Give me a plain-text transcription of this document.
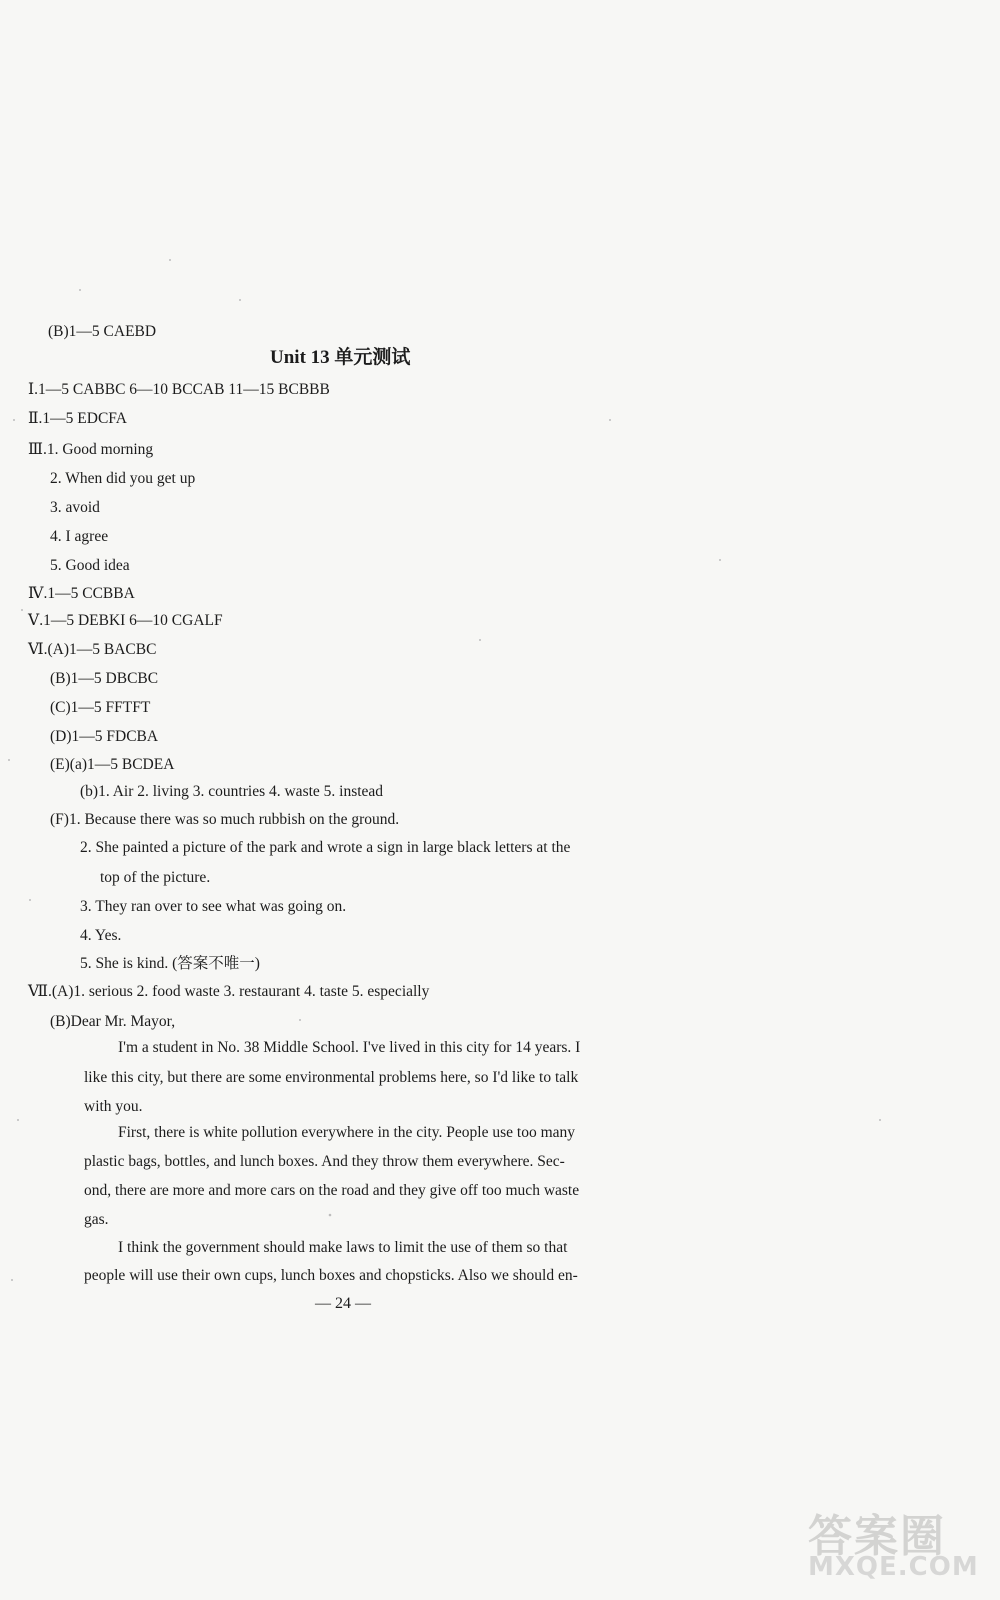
(B)1—5 CAEBD
Unit 13 单元测试
Ⅰ.1—5 CABBC 6—10 BCCAB 11—15 BCBBB
Ⅱ.1—5 EDCFA
Ⅲ.1. Good morning
2. When did you get up
3. avoid
4. I agree
5. Good idea
Ⅳ.1—5 CCBBA
Ⅴ.1—5 DEBKI 6—10 CGALF
Ⅵ.(A)1—5 BACBC
(B)1—5 DBCBC
(C)1—5 FFTFT
(D)1—5 FDCBA
(E)(a)1—5 BCDEA
(b)1. Air 2. living 3. countries 4. waste 5. instead
(F)1. Because there was so much rubbish on the ground.
2. She painted a picture of the park and wrote a sign in large black letters at the
top of the picture.
3. They ran over to see what was going on.
4. Yes.
5. She is kind. (答案不唯一)
Ⅶ.(A)1. serious 2. food waste 3. restaurant 4. taste 5. especially
(B)Dear Mr. Mayor,
I'm a student in No. 38 Middle School. I've lived in this city for 14 years. I
like this city, but there are some environmental problems here, so I'd like to talk
with you.
First, there is white pollution everywhere in the city. People use too many
plastic bags, bottles, and lunch boxes. And they throw them everywhere. Sec-
ond, there are more and more cars on the road and they give off too much waste
gas.
I think the government should make laws to limit the use of them so that
people will use their own cups, lunch boxes and chopsticks. Also we should en-
— 24 —
答案圈
MXQE.COM
